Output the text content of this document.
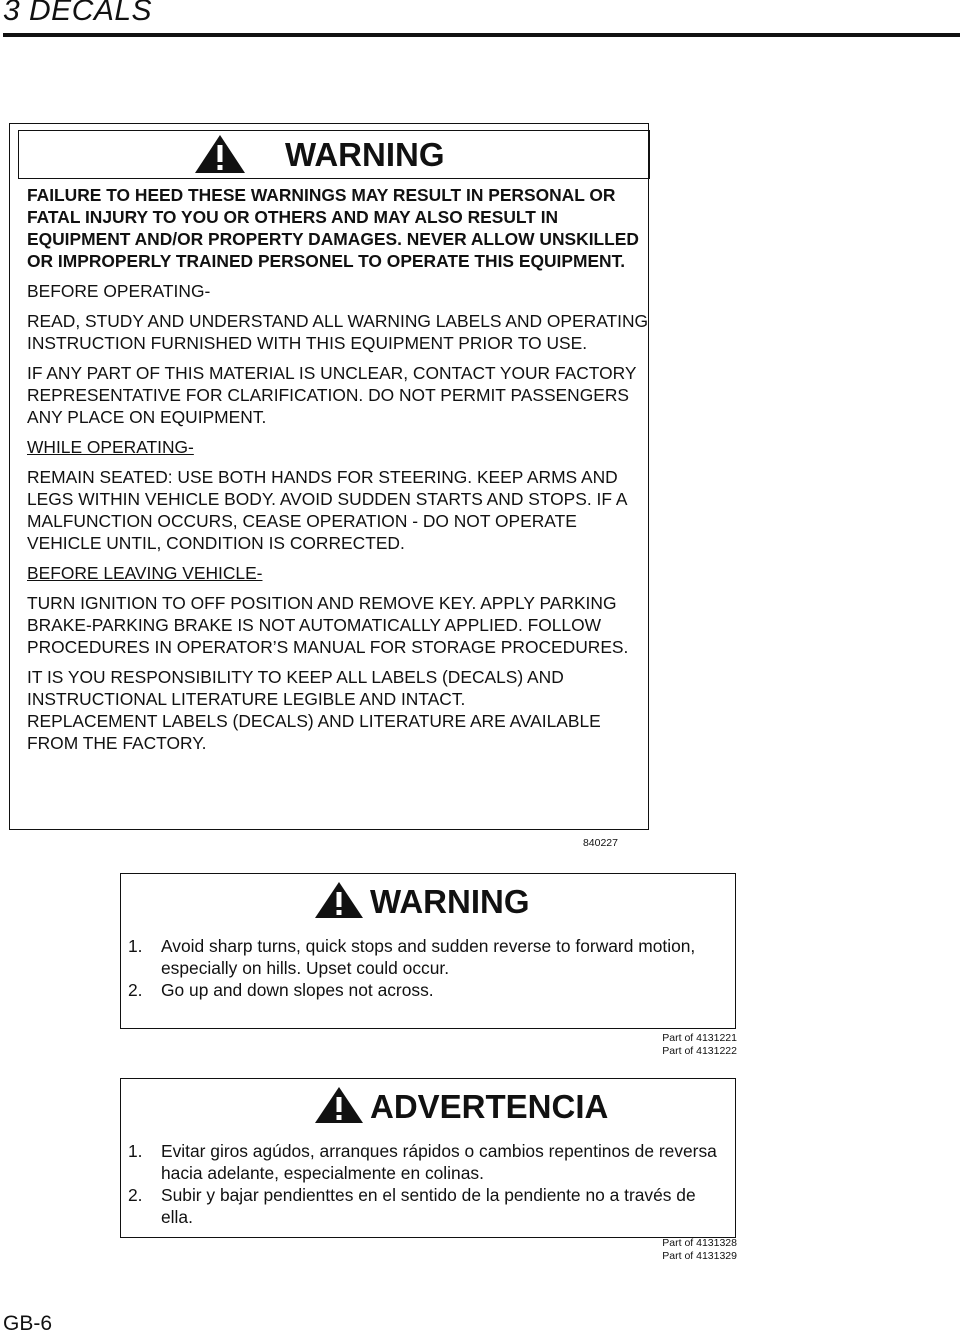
3 DECALS
WARNING

FAILURE TO HEED THESE WARNINGS MAY RESULT IN PERSONAL OR FATAL INJURY TO YOU OR OTHERS AND MAY ALSO RESULT IN EQUIPMENT AND/OR PROPERTY DAMAGES. NEVER ALLOW UNSKILLED OR IMPROPERLY TRAINED PERSONEL TO OPERATE THIS EQUIPMENT.

BEFORE OPERATING-

READ, STUDY AND UNDERSTAND ALL WARNING LABELS AND OPERATING INSTRUCTION FURNISHED WITH THIS EQUIPMENT PRIOR TO USE.

IF ANY PART OF THIS MATERIAL IS UNCLEAR, CONTACT YOUR FACTORY REPRESENTATIVE FOR CLARIFICATION. DO NOT PERMIT PASSENGERS ANY PLACE ON EQUIPMENT.

WHILE OPERATING-

REMAIN SEATED: USE BOTH HANDS FOR STEERING. KEEP ARMS AND LEGS WITHIN VEHICLE BODY. AVOID SUDDEN STARTS AND STOPS. IF A MALFUNCTION OCCURS, CEASE OPERATION - DO NOT OPERATE VEHICLE UNTIL, CONDITION IS CORRECTED.

BEFORE LEAVING VEHICLE-

TURN IGNITION TO OFF POSITION AND REMOVE KEY. APPLY PARKING BRAKE-PARKING BRAKE IS NOT AUTOMATICALLY APPLIED. FOLLOW PROCEDURES IN OPERATOR’S MANUAL FOR STORAGE PROCEDURES.

IT IS YOU RESPONSIBILITY TO KEEP ALL LABELS (DECALS) AND INSTRUCTIONAL LITERATURE LEGIBLE AND INTACT.

REPLACEMENT LABELS (DECALS) AND LITERATURE ARE AVAILABLE FROM THE FACTORY.

840227
WARNING
1. Avoid sharp turns, quick stops and sudden reverse to forward motion, especially on hills. Upset could occur.
2. Go up and down slopes not across.
Part of 4131221
Part of 4131222
ADVERTENCIA
1. Evitar giros agúdos, arranques rápidos o cambios repentinos de reversa hacia adelante, especialmente en colinas.
2. Subir y bajar pendienttes en el sentido de la pendiente no a través de ella.
Part of 4131328
Part of 4131329
GB-6
